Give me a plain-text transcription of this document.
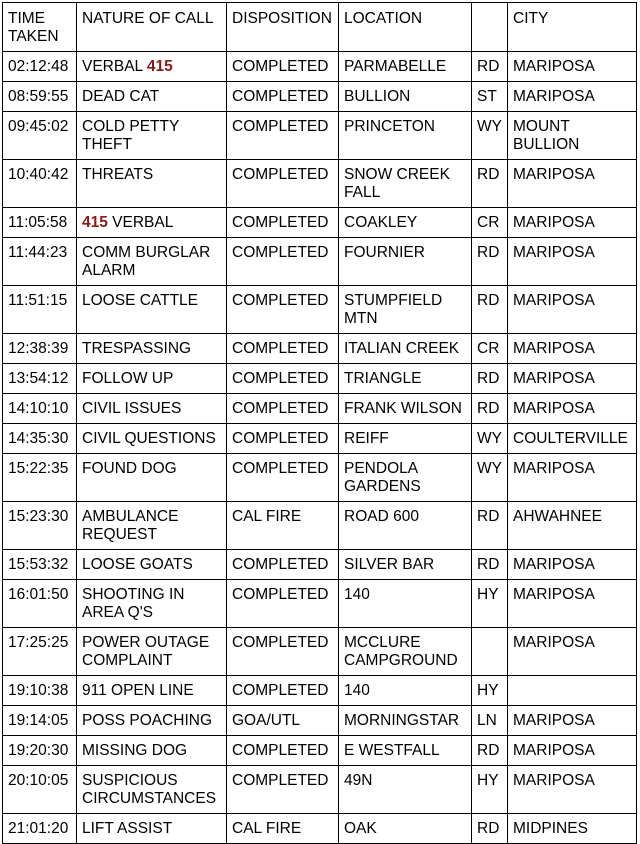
TIME TAKEN	NATURE OF CALL	DISPOSITION	LOCATION		CITY
02:12:48	VERBAL 415	COMPLETED	PARMABELLE	RD	MARIPOSA
08:59:55	DEAD CAT	COMPLETED	BULLION	ST	MARIPOSA
09:45:02	COLD PETTY THEFT	COMPLETED	PRINCETON	WY	MOUNT BULLION
10:40:42	THREATS	COMPLETED	SNOW CREEK FALL	RD	MARIPOSA
11:05:58	415 VERBAL	COMPLETED	COAKLEY	CR	MARIPOSA
11:44:23	COMM BURGLAR ALARM	COMPLETED	FOURNIER	RD	MARIPOSA
11:51:15	LOOSE CATTLE	COMPLETED	STUMPFIELD MTN	RD	MARIPOSA
12:38:39	TRESPASSING	COMPLETED	ITALIAN CREEK	CR	MARIPOSA
13:54:12	FOLLOW UP	COMPLETED	TRIANGLE	RD	MARIPOSA
14:10:10	CIVIL ISSUES	COMPLETED	FRANK WILSON	RD	MARIPOSA
14:35:30	CIVIL QUESTIONS	COMPLETED	REIFF	WY	COULTERVILLE
15:22:35	FOUND DOG	COMPLETED	PENDOLA GARDENS	WY	MARIPOSA
15:23:30	AMBULANCE REQUEST	CAL FIRE	ROAD 600	RD	AHWAHNEE
15:53:32	LOOSE GOATS	COMPLETED	SILVER BAR	RD	MARIPOSA
16:01:50	SHOOTING IN AREA Q'S	COMPLETED	140	HY	MARIPOSA
17:25:25	POWER OUTAGE COMPLAINT	COMPLETED	MCCLURE CAMPGROUND		MARIPOSA
19:10:38	911 OPEN LINE	COMPLETED	140	HY	
19:14:05	POSS POACHING	GOA/UTL	MORNINGSTAR	LN	MARIPOSA
19:20:30	MISSING DOG	COMPLETED	E WESTFALL	RD	MARIPOSA
20:10:05	SUSPICIOUS CIRCUMSTANCES	COMPLETED	49N	HY	MARIPOSA
21:01:20	LIFT ASSIST	CAL FIRE	OAK	RD	MIDPINES
